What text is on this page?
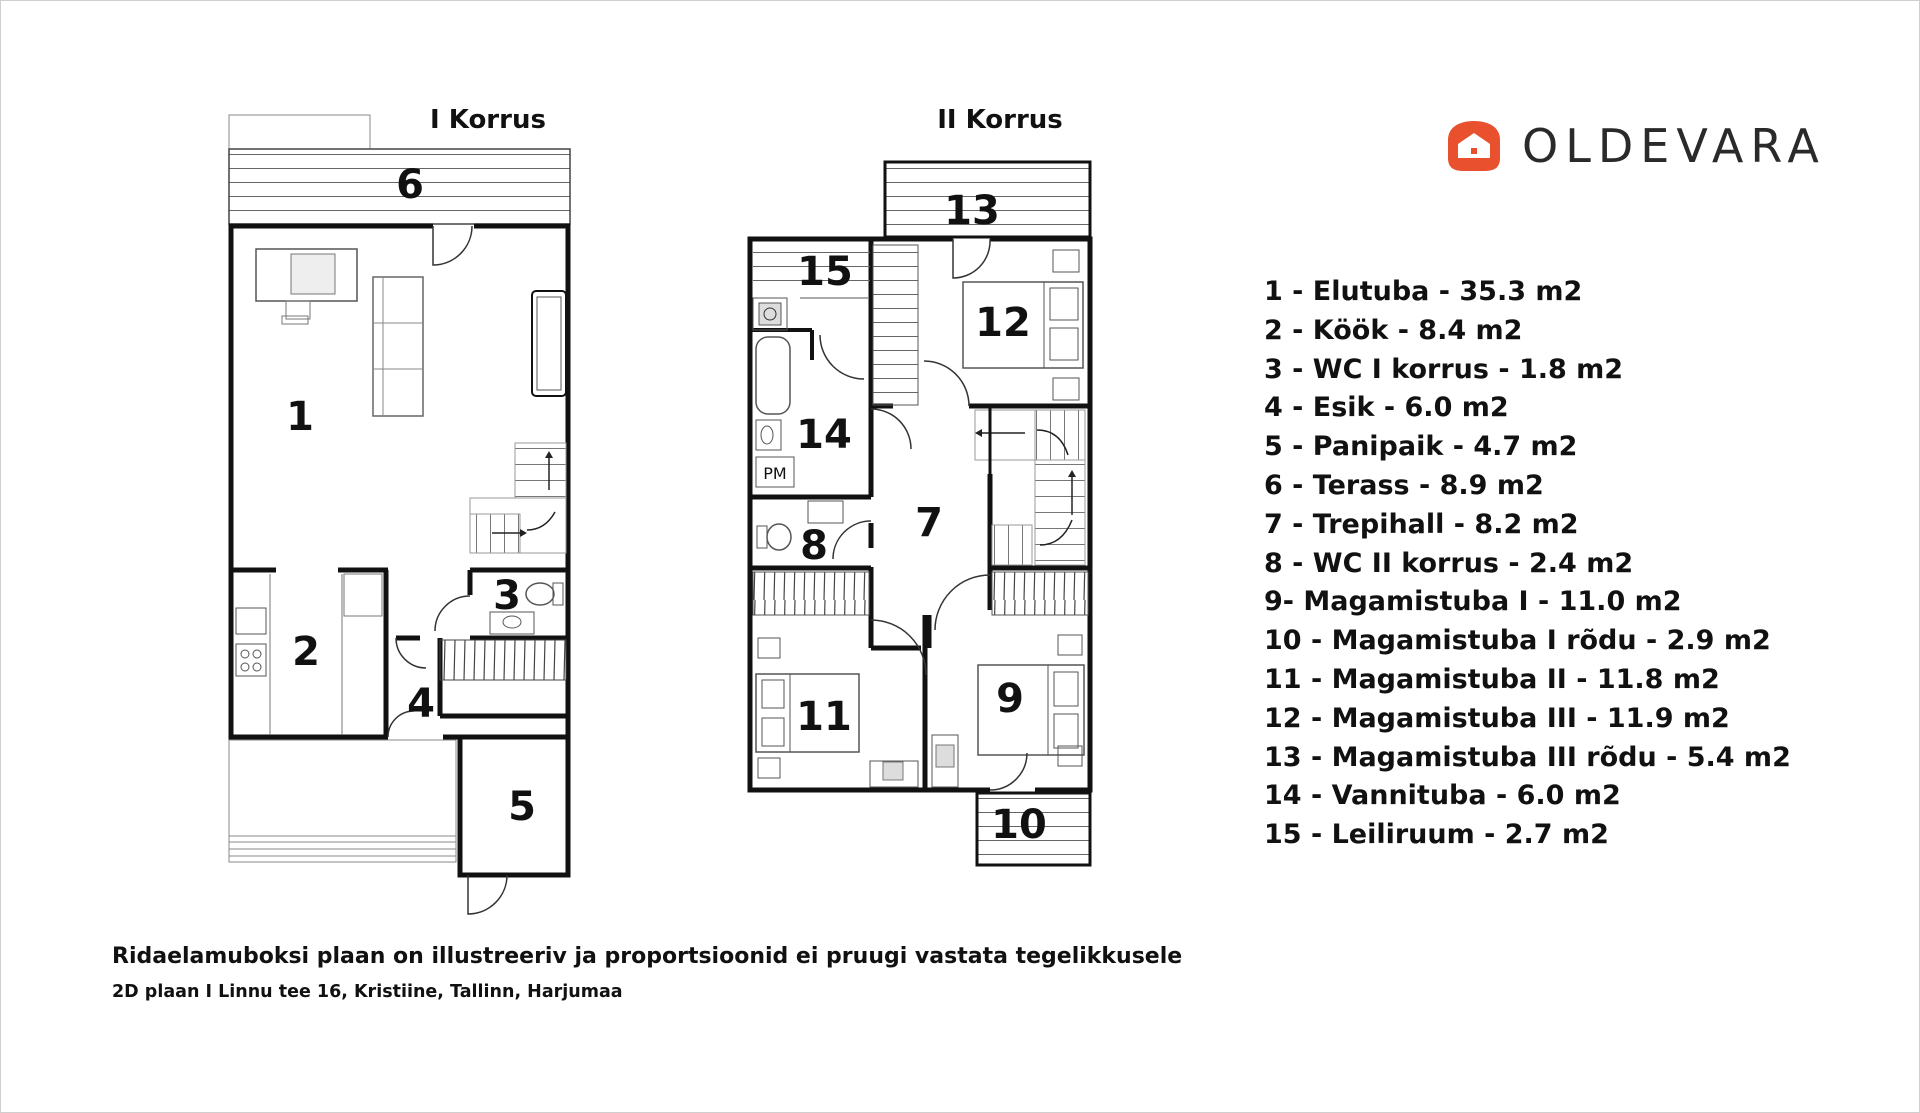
6
1
2
3
4
5
I Korrus
PM
13
15
12
14
7
8
11	9
10
II Korrus	OLDEVARA
1 - Elutuba - 35.3 m2
2 - Köök - 8.4 m2
3 - WC I korrus - 1.8 m2
4 - Esik - 6.0 m2
5 - Panipaik - 4.7 m2
6 - Terass - 8.9 m2
7 - Trepihall - 8.2 m2
8 - WC II korrus - 2.4 m2
9- Magamistuba I - 11.0 m2
10 - Magamistuba I rõdu - 2.9 m2
11 - Magamistuba II - 11.8 m2
12 - Magamistuba III - 11.9 m2
13 - Magamistuba III rõdu - 5.4 m2
14 - Vannituba - 6.0 m2
15 - Leiliruum - 2.7 m2
Ridaelamuboksi plaan on illustreeriv ja proportsioonid ei pruugi vastata tegelikkusele
2D plaan I Linnu tee 16, Kristiine, Tallinn, Harjumaa
